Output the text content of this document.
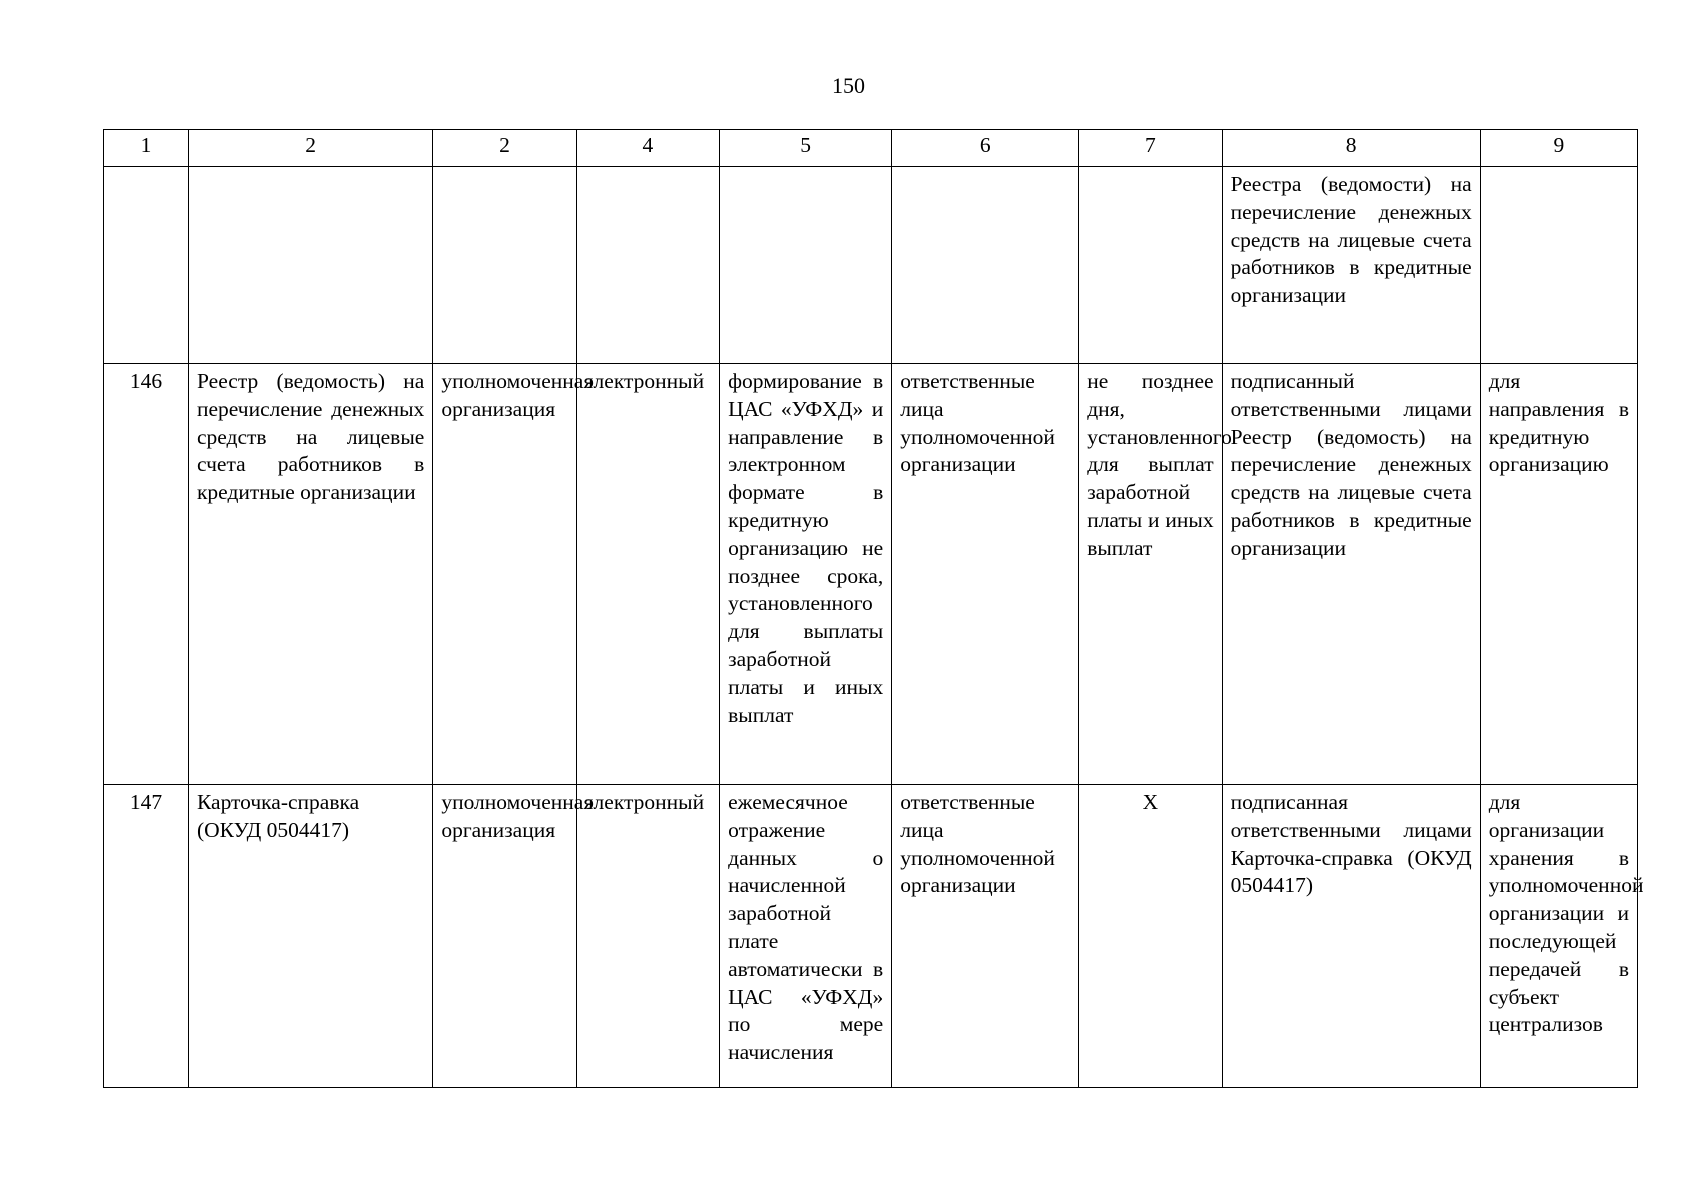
150
1	2	2	4	5	6	7	8	9
							Реестра (ведомости) на перечисление денежных средств на лицевые счета работников в кредитные организации	
146	Реестр (ведомость) на перечисление денежных средств на лицевые счета работников в кредитные организации	уполномоченная организация	электронный	формирование в ЦАС «УФХД» и направление в электронном формате в кредитную организацию не позднее срока, установленного для выплаты заработной платы и иных выплат	ответственные лица уполномоченной организации	не позднее дня, установленного для выплат заработной платы и иных выплат	подписанный ответственными лицами Реестр (ведомость) на перечисление денежных средств на лицевые счета работников в кредитные организации	для направления в кредитную организацию
147	Карточка-справка (ОКУД 0504417)	уполномоченная организация	электронный	ежемесячное отражение данных о начисленной заработной плате автоматически в ЦАС «УФХД» по мере начисления	ответственные лица уполномоченной организации	Х	подписанная ответственными лицами Карточка-справка (ОКУД 0504417)	для организации хранения в уполномоченной организации и последующей передачей в субъект централизов
